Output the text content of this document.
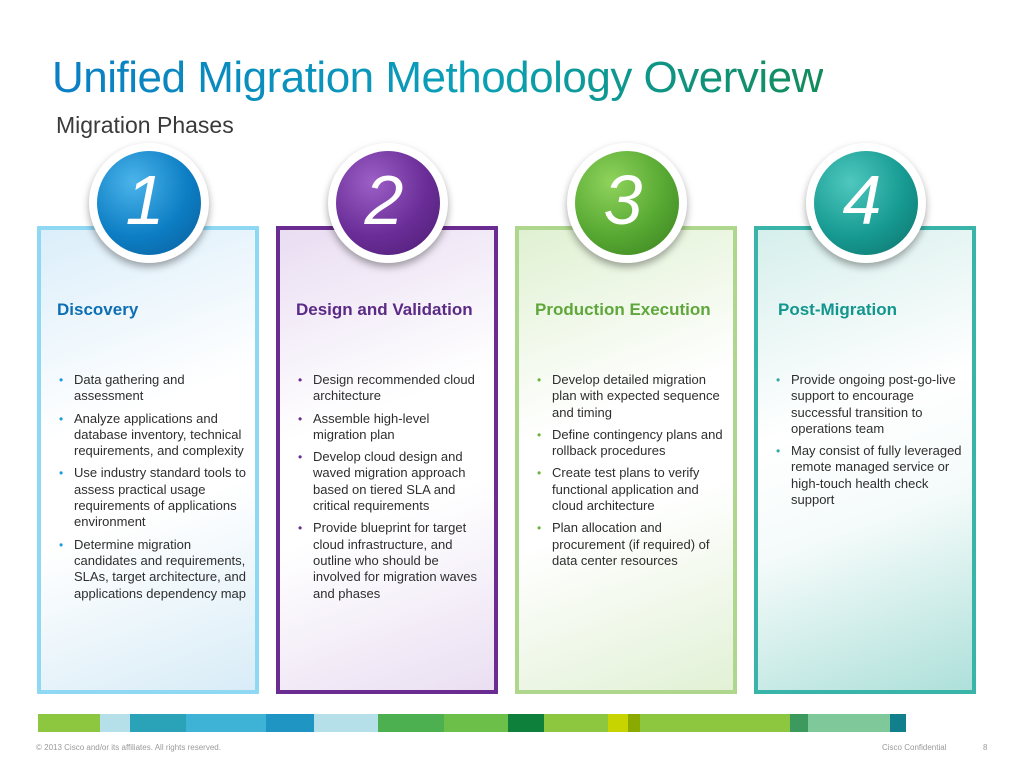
Unified Migration Methodology Overview
Migration Phases
Discovery
• Data gathering and assessment
• Analyze applications and database inventory, technical requirements, and complexity
• Use industry standard tools to assess practical usage requirements of applications environment
• Determine migration candidates and requirements, SLAs, target architecture, and applications dependency map
Design and Validation
• Design recommended cloud architecture
• Assemble high-level migration plan
• Develop cloud design and waved migration approach based on tiered SLA and critical requirements
• Provide blueprint for target cloud infrastructure, and outline who should be involved for migration waves and phases
Production Execution
• Develop detailed migration plan with expected sequence and timing
• Define contingency plans and rollback procedures
• Create test plans to verify functional application and cloud architecture
• Plan allocation and procurement (if required) of data center resources
Post-Migration
• Provide ongoing post-go-live support to encourage successful transition to operations team
• May consist of fully leveraged remote managed service or high-touch health check support
1	2	3	4
© 2013 Cisco and/or its affiliates. All rights reserved.	Cisco Confidential	8
